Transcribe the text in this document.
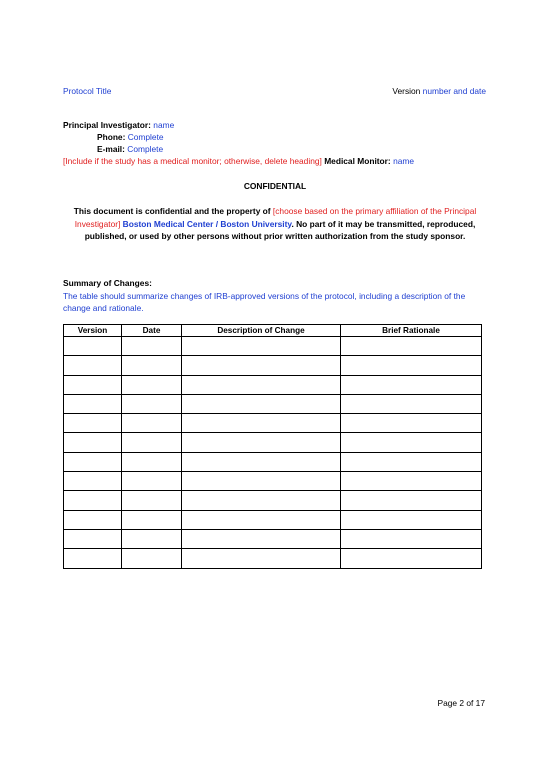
Protocol Title	Version number and date
Principal Investigator: name
Phone: Complete
E-mail: Complete
[Include if the study has a medical monitor; otherwise, delete heading] Medical Monitor: name
CONFIDENTIAL
This document is confidential and the property of [choose based on the primary affiliation of the Principal Investigator] Boston Medical Center / Boston University. No part of it may be transmitted, reproduced, published, or used by other persons without prior written authorization from the study sponsor.
Summary of Changes:
The table should summarize changes of IRB-approved versions of the protocol, including a description of the change and rationale.
Version	Date	Description of Change	Brief Rationale

Page 2 of 17
